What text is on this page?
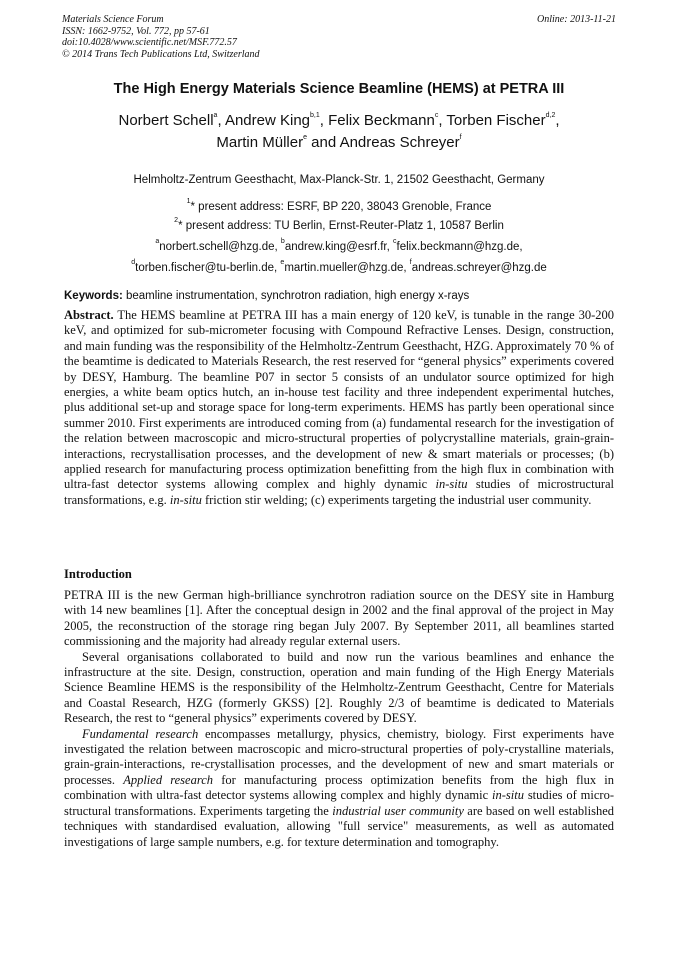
Materials Science Forum
ISSN: 1662-9752, Vol. 772, pp 57-61
doi:10.4028/www.scientific.net/MSF.772.57
© 2014 Trans Tech Publications Ltd, Switzerland
Online: 2013-11-21
The High Energy Materials Science Beamline (HEMS) at PETRA III
Norbert Schell$^a$, Andrew King$^{b,1}$, Felix Beckmann$^c$, Torben Fischer$^{d,2}$,
Martin Müller$^e$ and Andreas Schreyer$^f$
Helmholtz-Zentrum Geesthacht, Max-Planck-Str. 1, 21502 Geesthacht, Germany
$^1$* present address: ESRF, BP 220, 38043 Grenoble, France
$^2$* present address: TU Berlin, Ernst-Reuter-Platz 1, 10587 Berlin
$^a$norbert.schell@hzg.de, $^b$andrew.king@esrf.fr, $^c$felix.beckmann@hzg.de,
$^d$torben.fischer@tu-berlin.de, $^e$martin.mueller@hzg.de, $^f$andreas.schreyer@hzg.de
Keywords: beamline instrumentation, synchrotron radiation, high energy x-rays

Abstract. The HEMS beamline at PETRA III has a main energy of 120 keV, is tunable in the range 30-200 keV, and optimized for sub-micrometer focusing with Compound Refractive Lenses. Design, construction, and main funding was the responsibility of the Helmholtz-Zentrum Geesthacht, HZG. Approximately 70 % of the beamtime is dedicated to Materials Research, the rest reserved for “general physics” experiments covered by DESY, Hamburg. The beamline P07 in sector 5 consists of an undulator source optimized for high energies, a white beam optics hutch, an in-house test facility and three independent experimental hutches, plus additional set-up and storage space for long-term experiments. HEMS has partly been operational since summer 2010. First experiments are introduced coming from (a) fundamental research for the investigation of the relation between macroscopic and micro-structural properties of polycrystalline materials, grain-grain-interactions, recrystallisation processes, and the development of new & smart materials or processes; (b) applied research for manufacturing process optimization benefitting from the high flux in combination with ultra-fast detector systems allowing complex and highly dynamic in-situ studies of microstructural transformations, e.g. in-situ friction stir welding; (c) experiments targeting the industrial user community.

Introduction

PETRA III is the new German high-brilliance synchrotron radiation source on the DESY site in Hamburg with 14 new beamlines [1]. After the conceptual design in 2002 and the final approval of the project in May 2005, the reconstruction of the storage ring began July 2007. By September 2011, all beamlines started commissioning and the majority had already regular external users.

Several organisations collaborated to build and now run the various beamlines and enhance the infrastructure at the site. Design, construction, operation and main funding of the High Energy Materials Science Beamline HEMS is the responsibility of the Helmholtz-Zentrum Geesthacht, Centre for Materials and Coastal Research, HZG (formerly GKSS) [2]. Roughly 2/3 of beamtime is dedicated to Materials Research, the rest to “general physics” experiments covered by DESY.

Fundamental research encompasses metallurgy, physics, chemistry, biology. First experiments have investigated the relation between macroscopic and micro-structural properties of poly-crystalline materials, grain-grain-interactions, re-crystallisation processes, and the development of new and smart materials or processes. Applied research for manufacturing process optimization benefits from the high flux in combination with ultra-fast detector systems allowing complex and highly dynamic in-situ studies of micro-structural transformations. Experiments targeting the industrial user community are based on well established techniques with standardised evaluation, allowing "full service" measurements, as well as automated investigations of large sample numbers, e.g. for texture determination and tomography.
